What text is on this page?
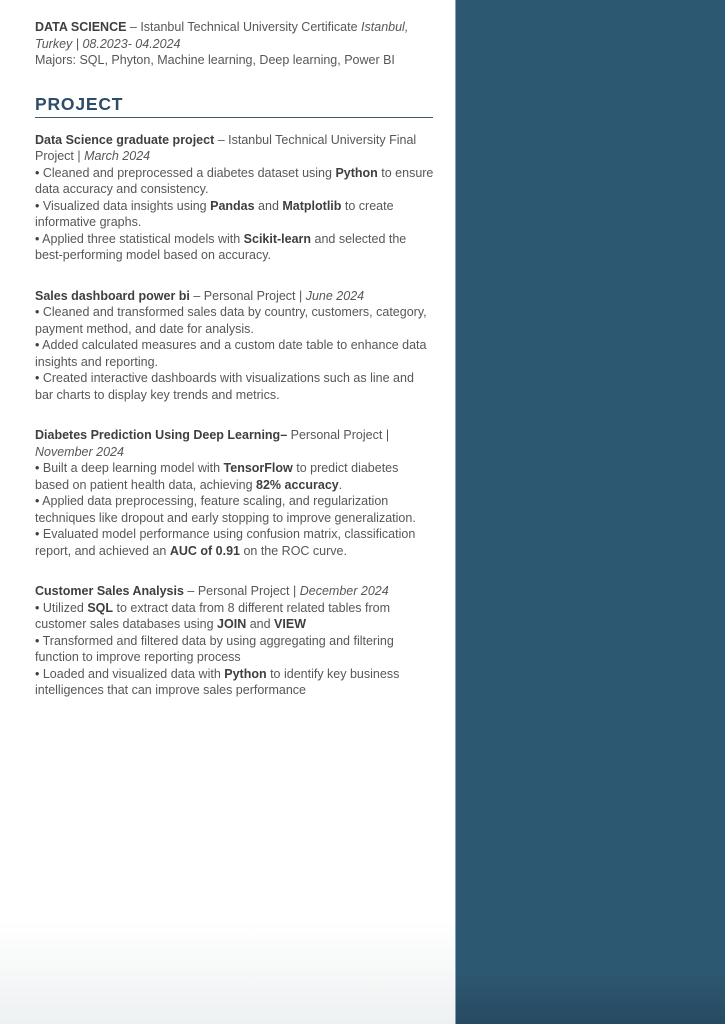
DATA SCIENCE – Istanbul Technical University Certificate Istanbul, Turkey | 08.2023- 04.2024

Majors: SQL, Phyton, Machine learning, Deep learning, Power BI

PROJECT

Data Science graduate project – Istanbul Technical University Final Project | March 2024

• Cleaned and preprocessed a diabetes dataset using Python to ensure data accuracy and consistency.

• Visualized data insights using Pandas and Matplotlib to create informative graphs.

• Applied three statistical models with Scikit-learn and selected the best-performing model based on accuracy.

Sales dashboard power bi – Personal Project | June 2024

• Cleaned and transformed sales data by country, customers, category, payment method, and date for analysis.

• Added calculated measures and a custom date table to enhance data insights and reporting.

• Created interactive dashboards with visualizations such as line and bar charts to display key trends and metrics.

Diabetes Prediction Using Deep Learning– Personal Project | November 2024

• Built a deep learning model with TensorFlow to predict diabetes based on patient health data, achieving 82% accuracy.

• Applied data preprocessing, feature scaling, and regularization techniques like dropout and early stopping to improve generalization.

• Evaluated model performance using confusion matrix, classification report, and achieved an AUC of 0.91 on the ROC curve.

Customer Sales Analysis – Personal Project | December 2024

• Utilized SQL to extract data from 8 different related tables from customer sales databases using JOIN and VIEW

• Transformed and filtered data by using aggregating and filtering function to improve reporting process

• Loaded and visualized data with Python to identify key business intelligences that can improve sales performance
